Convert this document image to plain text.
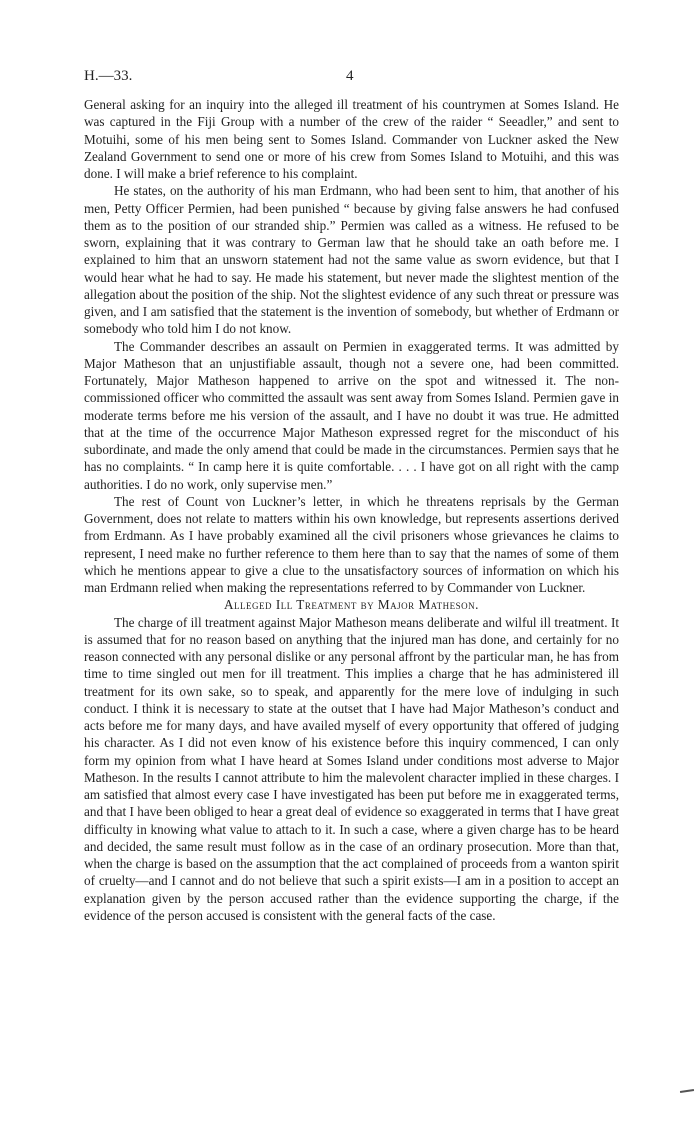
H.—33.	4

General asking for an inquiry into the alleged ill treatment of his countrymen at Somes Island. He was captured in the Fiji Group with a number of the crew of the raider “ Seeadler,” and sent to Motuihi, some of his men being sent to Somes Island. Commander von Luckner asked the New Zealand Government to send one or more of his crew from Somes Island to Motuihi, and this was done. I will make a brief reference to his complaint.

He states, on the authority of his man Erdmann, who had been sent to him, that another of his men, Petty Officer Permien, had been punished “ because by giving false answers he had confused them as to the position of our stranded ship.” Permien was called as a witness. He refused to be sworn, explaining that it was contrary to German law that he should take an oath before me. I explained to him that an unsworn statement had not the same value as sworn evidence, but that I would hear what he had to say. He made his statement, but never made the slightest mention of the allegation about the position of the ship. Not the slightest evidence of any such threat or pressure was given, and I am satisfied that the statement is the invention of somebody, but whether of Erdmann or somebody who told him I do not know.

The Commander describes an assault on Permien in exaggerated terms. It was admitted by Major Matheson that an unjustifiable assault, though not a severe one, had been committed. Fortunately, Major Matheson happened to arrive on the spot and witnessed it. The non-commissioned officer who committed the assault was sent away from Somes Island. Permien gave in moderate terms before me his version of the assault, and I have no doubt it was true. He admitted that at the time of the occurrence Major Matheson expressed regret for the misconduct of his subordinate, and made the only amend that could be made in the circumstances. Permien says that he has no complaints. “ In camp here it is quite comfortable. . . . I have got on all right with the camp authorities. I do no work, only supervise men.”

The rest of Count von Luckner’s letter, in which he threatens reprisals by the German Government, does not relate to matters within his own knowledge, but represents assertions derived from Erdmann. As I have probably examined all the civil prisoners whose grievances he claims to represent, I need make no further reference to them here than to say that the names of some of them which he mentions appear to give a clue to the unsatisfactory sources of information on which his man Erdmann relied when making the representations referred to by Commander von Luckner.

Alleged Ill Treatment by Major Matheson.

The charge of ill treatment against Major Matheson means deliberate and wilful ill treatment. It is assumed that for no reason based on anything that the injured man has done, and certainly for no reason connected with any personal dislike or any personal affront by the particular man, he has from time to time singled out men for ill treatment. This implies a charge that he has administered ill treatment for its own sake, so to speak, and apparently for the mere love of indulging in such conduct. I think it is necessary to state at the outset that I have had Major Matheson’s conduct and acts before me for many days, and have availed myself of every opportunity that offered of judging his character. As I did not even know of his existence before this inquiry commenced, I can only form my opinion from what I have heard at Somes Island under conditions most adverse to Major Matheson. In the results I cannot attribute to him the malevolent character implied in these charges. I am satisfied that almost every case I have investigated has been put before me in exaggerated terms, and that I have been obliged to hear a great deal of evidence so exaggerated in terms that I have great difficulty in knowing what value to attach to it. In such a case, where a given charge has to be heard and decided, the same result must follow as in the case of an ordinary prosecution. More than that, when the charge is based on the assumption that the act complained of proceeds from a wanton spirit of cruelty—and I cannot and do not believe that such a spirit exists—I am in a position to accept an explanation given by the person accused rather than the evidence supporting the charge, if the evidence of the person accused is consistent with the general facts of the case.
